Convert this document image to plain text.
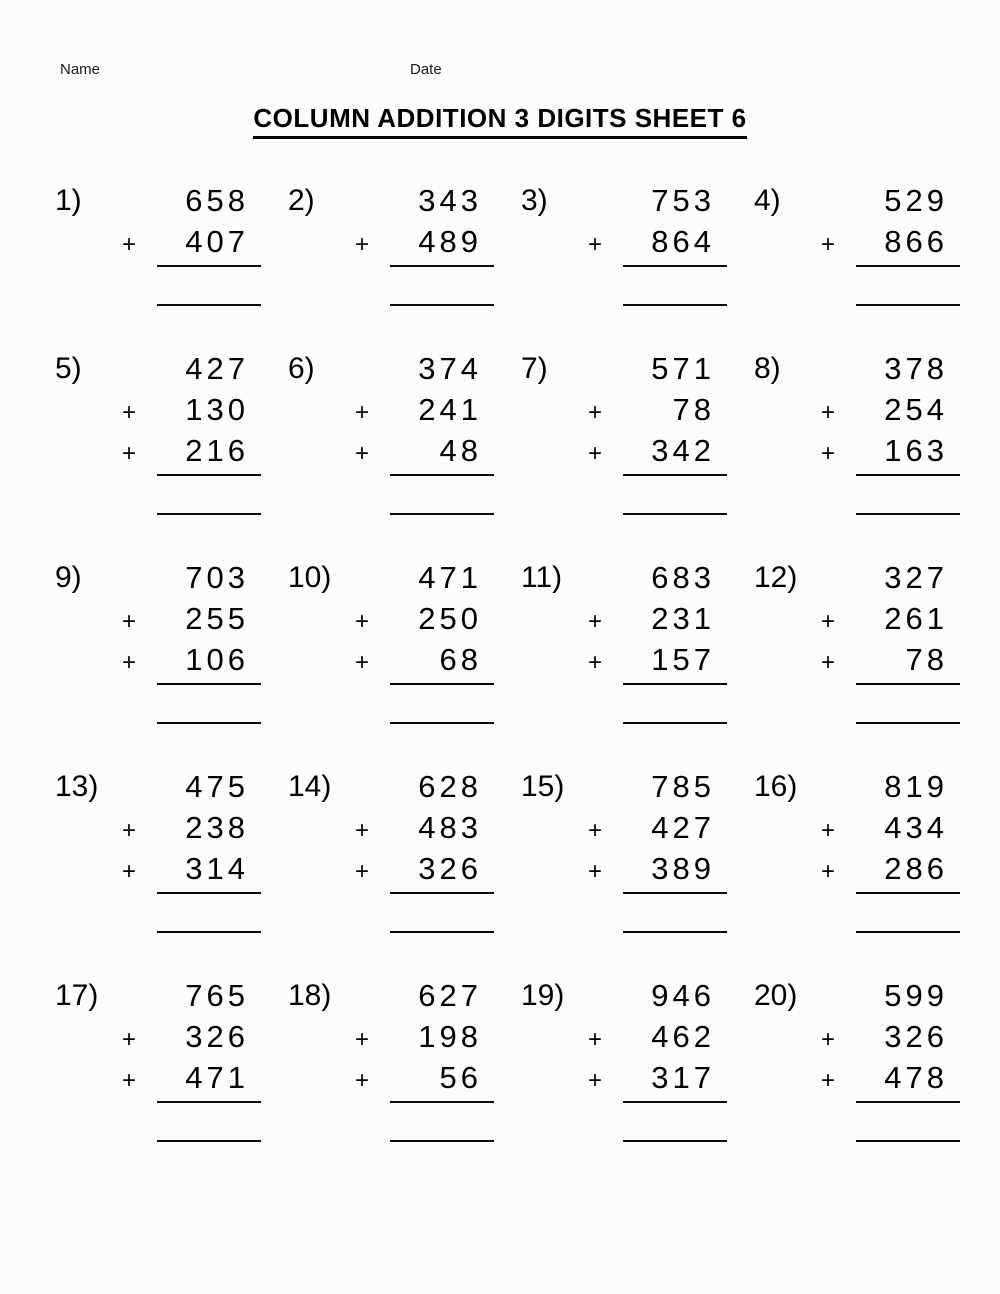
Name	Date
COLUMN ADDITION 3 DIGITS SHEET 6
1)	658
+	407
2)	343
+	489
3)	753
+	864
4)	529
+	866
5)	427
+	130
+	216
6)	374
+	241
+	48
7)	571
+	78
+	342
8)	378
+	254
+	163
9)	703
+	255
+	106
10)	471
+	250
+	68
11)	683
+	231
+	157
12)	327
+	261
+	78
13)	475
+	238
+	314
14)	628
+	483
+	326
15)	785
+	427
+	389
16)	819
+	434
+	286
17)	765
+	326
+	471
18)	627
+	198
+	56
19)	946
+	462
+	317
20)	599
+	326
+	478
